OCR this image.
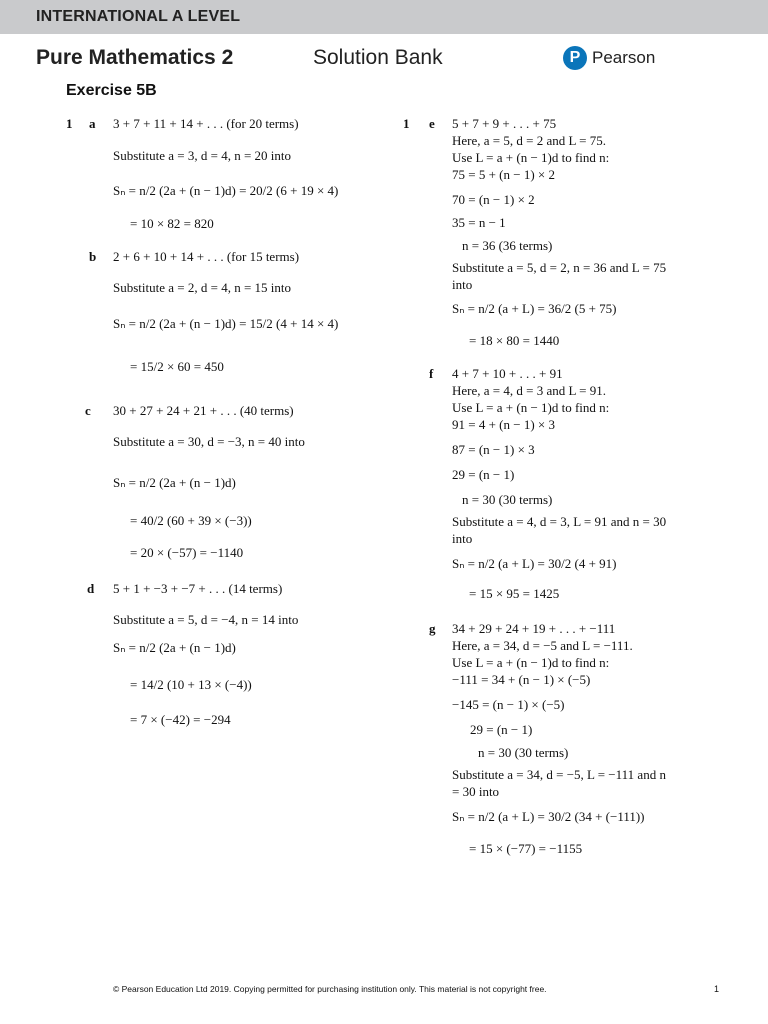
INTERNATIONAL A LEVEL
Pure Mathematics 2	Solution Bank	P Pearson
Exercise 5B
1	1
a 3 + 7 + 11 + 14 + . . . (for 20 terms)
Substitute a = 3, d = 4, n = 20 into
Sₙ = n/2 (2a + (n − 1)d) = 20/2 (6 + 19 × 4)
= 10 × 82 = 820
b 2 + 6 + 10 + 14 + . . . (for 15 terms)
Substitute a = 2, d = 4, n = 15 into
Sₙ = n/2 (2a + (n − 1)d) = 15/2 (4 + 14 × 4)
= 15/2 × 60 = 450
c 30 + 27 + 24 + 21 + . . . (40 terms)
Substitute a = 30, d = −3, n = 40 into
Sₙ = n/2 (2a + (n − 1)d)
= 40/2 (60 + 39 × (−3))
= 20 × (−57) = −1140
d 5 + 1 + −3 + −7 + . . . (14 terms)
Substitute a = 5, d = −4, n = 14 into
Sₙ = n/2 (2a + (n − 1)d)
= 14/2 (10 + 13 × (−4))
= 7 × (−42) = −294
e 5 + 7 + 9 + . . . + 75
Here, a = 5, d = 2 and L = 75.
Use L = a + (n − 1)d to find n:
75 = 5 + (n − 1) × 2
70 = (n − 1) × 2
35 = n − 1
n = 36 (36 terms)
Substitute a = 5, d = 2, n = 36 and L = 75
into
Sₙ = n/2 (a + L) = 36/2 (5 + 75)
= 18 × 80 = 1440
f 4 + 7 + 10 + . . . + 91
Here, a = 4, d = 3 and L = 91.
Use L = a + (n − 1)d to find n:
91 = 4 + (n − 1) × 3
87 = (n − 1) × 3
29 = (n − 1)
n = 30 (30 terms)
Substitute a = 4, d = 3, L = 91 and n = 30
into
Sₙ = n/2 (a + L) = 30/2 (4 + 91)
= 15 × 95 = 1425
g 34 + 29 + 24 + 19 + . . . + −111
Here, a = 34, d = −5 and L = −111.
Use L = a + (n − 1)d to find n:
−111 = 34 + (n − 1) × (−5)
−145 = (n − 1) × (−5)
29 = (n − 1)
n = 30 (30 terms)
Substitute a = 34, d = −5, L = −111 and n
= 30 into
Sₙ = n/2 (a + L) = 30/2 (34 + (−111))
= 15 × (−77) = −1155
© Pearson Education Ltd 2019. Copying permitted for purchasing institution only. This material is not copyright free.	1
